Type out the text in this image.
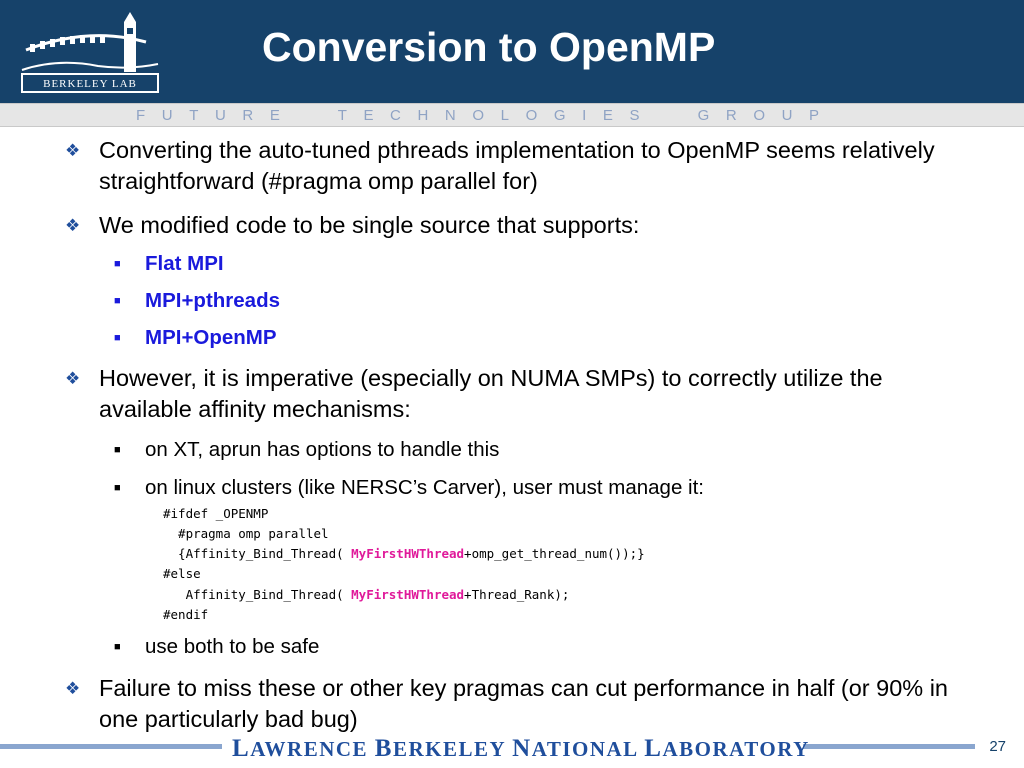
BERKELEY LAB
Conversion to OpenMP
FUTURE  TECHNOLOGIES  GROUP
❖ Converting the auto-tuned pthreads implementation to OpenMP seems relatively straightforward (#pragma omp parallel for)
❖ We modified code to be single source that supports:
■ Flat MPI
■ MPI+pthreads
■ MPI+OpenMP
❖ However, it is imperative (especially on NUMA SMPs) to correctly utilize the available affinity mechanisms:
■ on XT, aprun has options to handle this
■ on linux clusters (like NERSC’s Carver), user must manage it:
#ifdef _OPENMP
#pragma omp parallel
{Affinity_Bind_Thread( MyFirstHWThread+omp_get_thread_num());}
#else
Affinity_Bind_Thread( MyFirstHWThread+Thread_Rank);
#endif
■ use both to be safe
❖ Failure to miss these or other key pragmas can cut performance in half (or 90% in one particularly bad bug)
LAWRENCE BERKELEY NATIONAL LABORATORY	27
